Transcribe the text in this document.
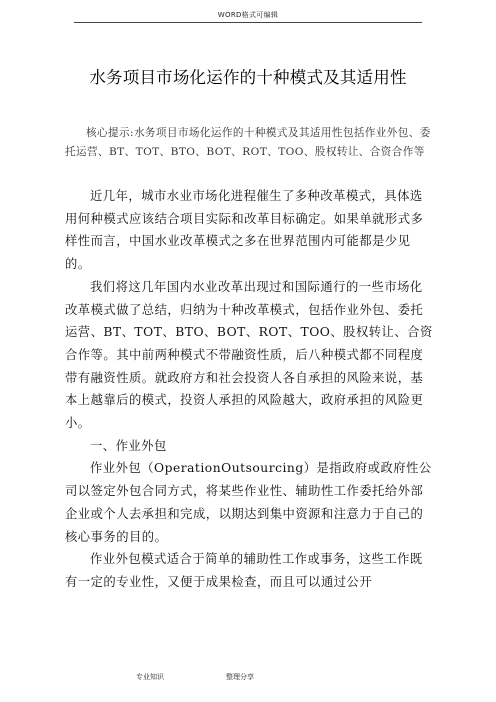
WORD格式可编辑
水务项目市场化运作的十种模式及其适用性
核心提示:水务项目市场化运作的十种模式及其适用性包括作业外包、委托运营、BT、TOT、BTO、BOT、ROT、TOO、股权转让、合资合作等

近几年，城市水业市场化进程催生了多种改革模式，具体选用何种模式应该结合项目实际和改革目标确定。如果单就形式多样性而言，中国水业改革模式之多在世界范围内可能都是少见的。

我们将这几年国内水业改革出现过和国际通行的一些市场化改革模式做了总结，归纳为十种改革模式，包括作业外包、委托运营、BT、TOT、BTO、BOT、ROT、TOO、股权转让、合资合作等。其中前两种模式不带融资性质，后八种模式都不同程度带有融资性质。就政府方和社会投资人各自承担的风险来说，基本上越靠后的模式，投资人承担的风险越大，政府承担的风险更小。

一、作业外包

作业外包（OperationOutsourcing）是指政府或政府性公司以签定外包合同方式，将某些作业性、辅助性工作委托给外部企业或个人去承担和完成，以期达到集中资源和注意力于自己的核心事务的目的。

作业外包模式适合于简单的辅助性工作或事务，这些工作既有一定的专业性，又便于成果检查，而且可以通过公开

专业知识	整理分享
